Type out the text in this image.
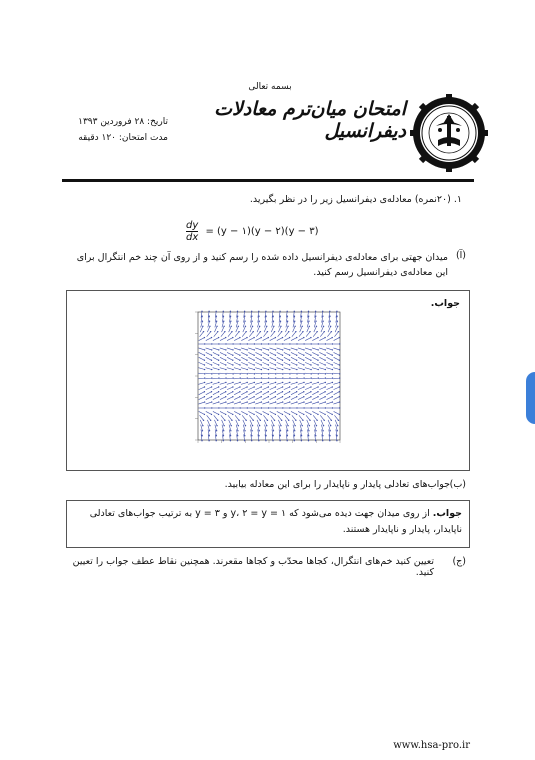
بسمه تعالی
امتحان میان‌ترم معادلات دیفرانسیل
تاریخ: ۲۸ فروردین ۱۳۹۳
مدت امتحان: ۱۲۰ دقیقه
۱. (۲۰نمره) معادله‌ی دیفرانسیل زیر را در نظر بگیرید.
$\frac{dy}{dx} = (y$ − ۱)(y − ۲)(y − ۳)
(آ)
میدان جهتی برای معادله‌ی دیفرانسیل داده شده را رسم کنید و از روی آن چند خم انتگرال برای این معادله‌ی دیفرانسیل رسم کنید.
جواب.
(ب)
جواب‌های تعادلی پایدار و ناپایدار را برای این معادله بیابید.
جواب. از روی میدان جهت دیده می‌شود که ۱ = y، ۲ = y و ۳ = y به ترتیب جواب‌های تعادلی ناپایدار، پایدار و ناپایدار هستند.
(ج)
تعیین کنید خم‌های انتگرال، کجاها محدّب و کجاها مقعرند. همچنین نقاط عطف جواب را تعیین کنید.
www.hsa-pro.ir
